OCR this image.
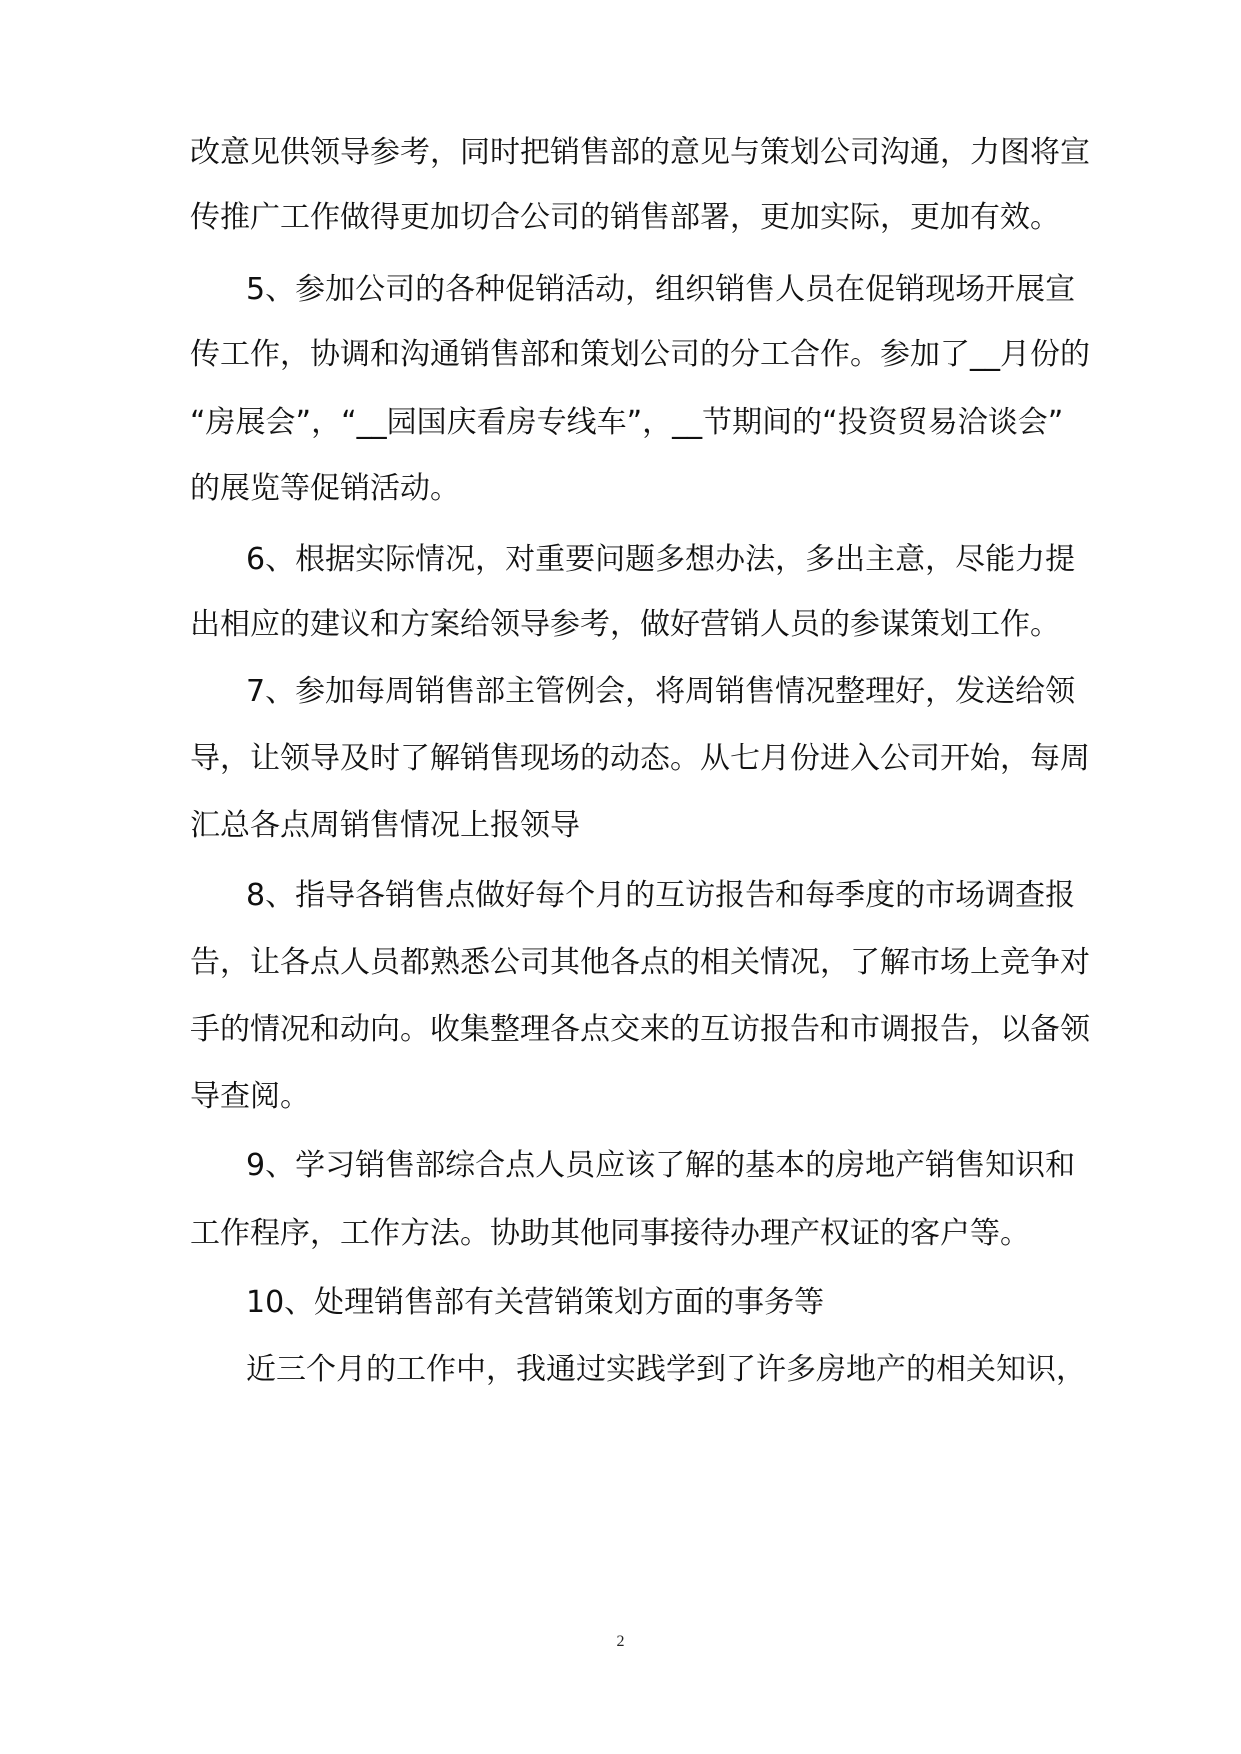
改意见供领导参考，同时把销售部的意见与策划公司沟通，力图将宣
传推广工作做得更加切合公司的销售部署，更加实际，更加有效。
5、参加公司的各种促销活动，组织销售人员在促销现场开展宣
传工作，协调和沟通销售部和策划公司的分工合作。参加了__月份的
“房展会”，“__园国庆看房专线车”，__节期间的“投资贸易洽谈会”
的展览等促销活动。
6、根据实际情况，对重要问题多想办法，多出主意，尽能力提
出相应的建议和方案给领导参考，做好营销人员的参谋策划工作。
7、参加每周销售部主管例会，将周销售情况整理好，发送给领
导，让领导及时了解销售现场的动态。从七月份进入公司开始，每周
汇总各点周销售情况上报领导
8、指导各销售点做好每个月的互访报告和每季度的市场调查报
告，让各点人员都熟悉公司其他各点的相关情况，了解市场上竞争对
手的情况和动向。收集整理各点交来的互访报告和市调报告，以备领
导查阅。
9、学习销售部综合点人员应该了解的基本的房地产销售知识和
工作程序，工作方法。协助其他同事接待办理产权证的客户等。
10、处理销售部有关营销策划方面的事务等
近三个月的工作中，我通过实践学到了许多房地产的相关知识，
2
